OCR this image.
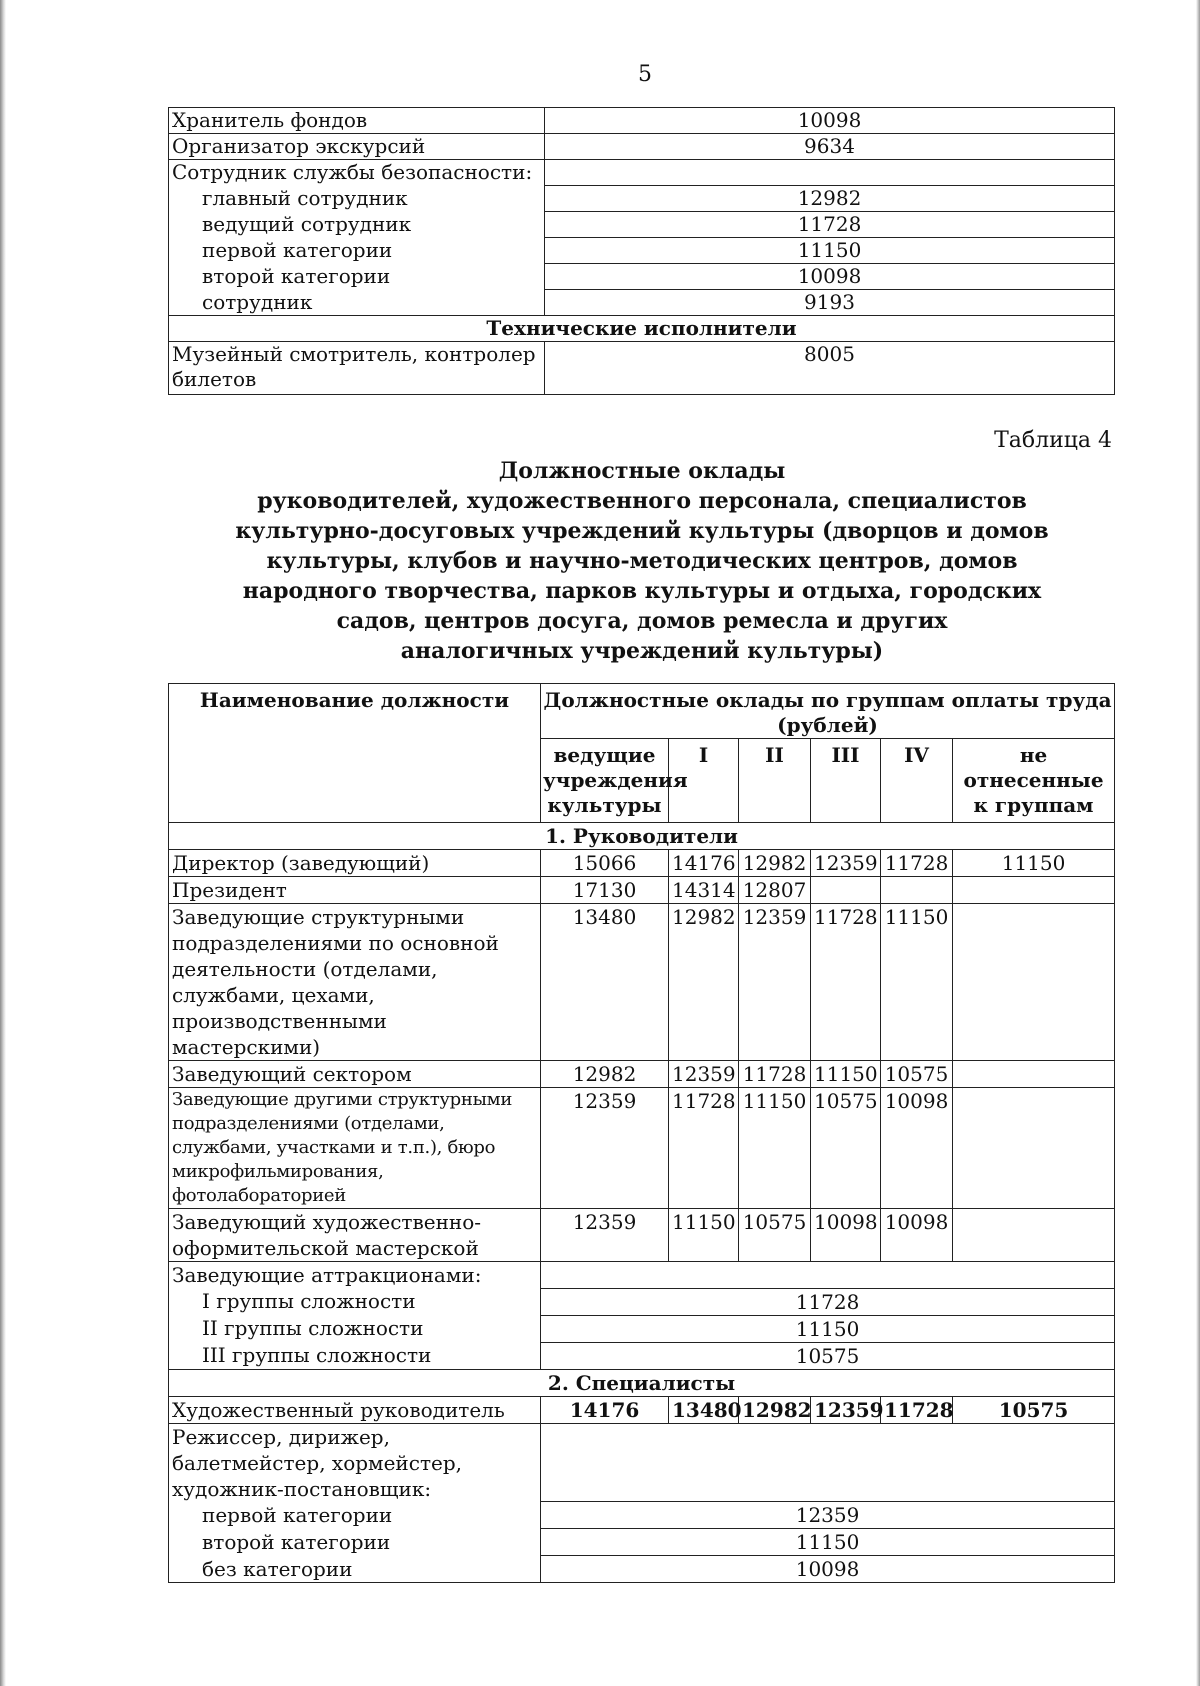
5
Хранитель фондов	10098
Организатор экскурсий	9634
Сотрудник службы безопасности:	
главный сотрудник	12982
ведущий сотрудник	11728
первой категории	11150
второй категории	10098
сотрудник	9193
Технические исполнители	
Музейный смотритель, контролер билетов	8005
Таблица 4
Должностные оклады
руководителей, художественного персонала, специалистов
культурно-досуговых учреждений культуры (дворцов и домов
культуры, клубов и научно-методических центров, домов
народного творчества, парков культуры и отдыха, городских
садов, центров досуга, домов ремесла и других
аналогичных учреждений культуры)
Наименование должности	Должностные оклады по группам оплаты труда (рублей)					
	ведущие учреждения культуры	I	II	III	IV	не отнесенные к группам
1. Руководители						
Директор (заведующий)	15066	14176	12982	12359	11728	11150
Президент	17130	14314	12807			
Заведующие структурными подразделениями по основной деятельности (отделами, службами, цехами, производственными мастерскими)	13480	12982	12359	11728	11150	
Заведующий сектором	12982	12359	11728	11150	10575	
Заведующие другими структурными подразделениями (отделами, службами, участками и т.п.), бюро микрофильмирования, фотолабораторией	12359	11728	11150	10575	10098	
Заведующий художественно-оформительской мастерской	12359	11150	10575	10098	10098	
Заведующие аттракционами:						
I группы сложности	11728					
II группы сложности	11150					
III группы сложности	10575					
2. Специалисты						
Художественный руководитель	14176	13480	12982	12359	11728	10575
Режиссер, дирижер, балетмейстер, хормейстер, художник-постановщик:						
первой категории	12359					
второй категории	11150					
без категории	10098					
